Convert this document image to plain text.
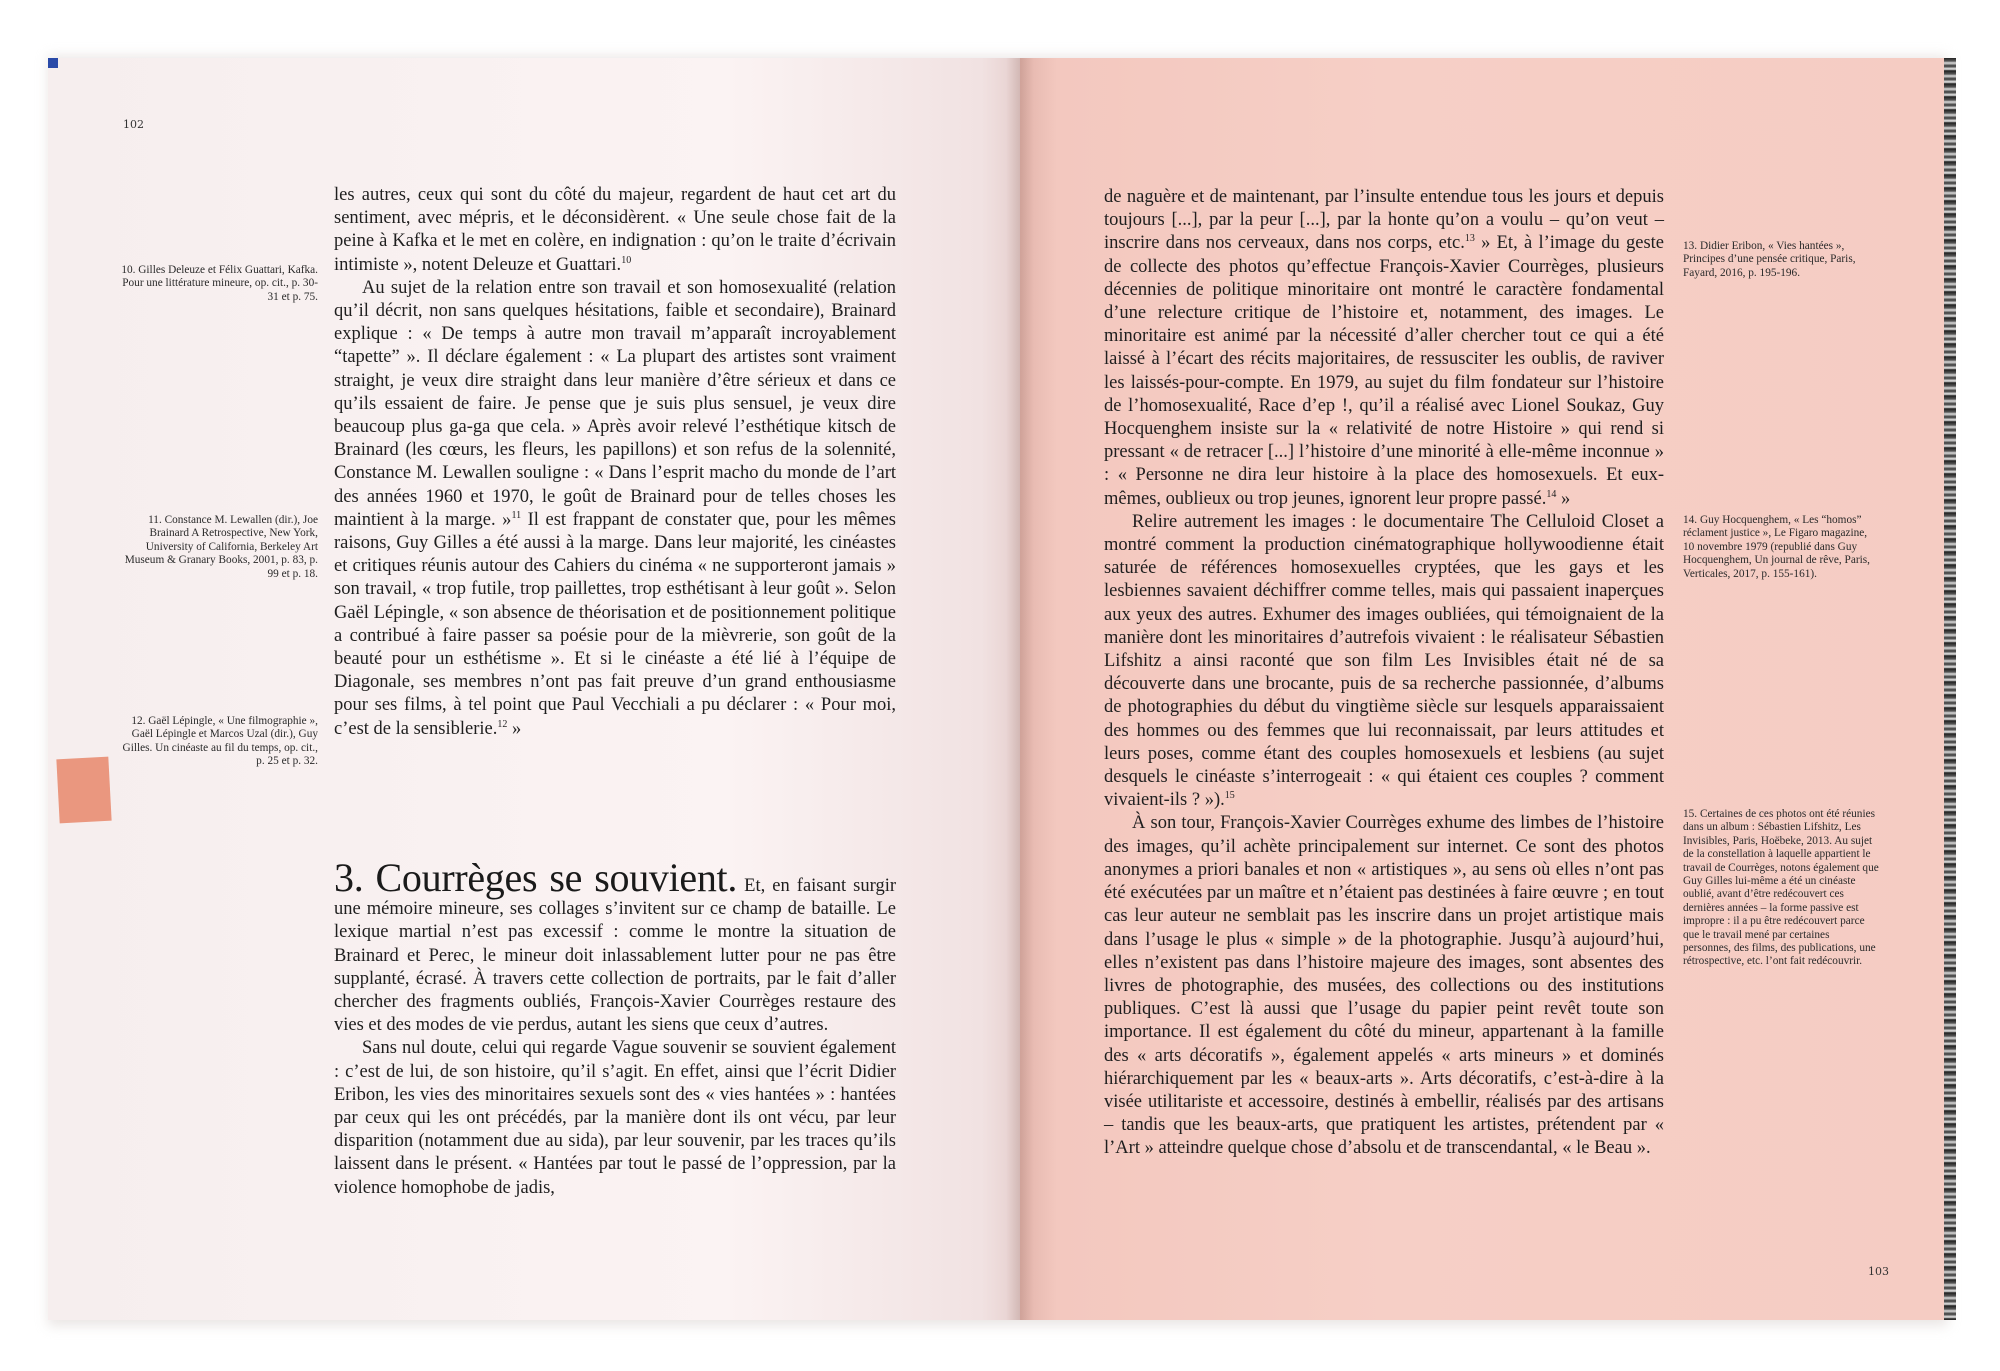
102
103
10. Gilles Deleuze et Félix Guattari, Kafka. Pour une littérature mineure, op. cit., p. 30-31 et p. 75.
11. Constance M. Lewallen (dir.), Joe Brainard A Retrospective, New York, University of California, Berkeley Art Museum & Granary Books, 2001, p. 83, p. 99 et p. 18.
12. Gaël Lépingle, « Une filmographie », Gaël Lépingle et Marcos Uzal (dir.), Guy Gilles. Un cinéaste au fil du temps, op. cit., p. 25 et p. 32.
13. Didier Eribon, « Vies hantées », Principes d’une pensée critique, Paris, Fayard, 2016, p. 195-196.
14. Guy Hocquenghem, « Les “homos” réclament justice », Le Figaro magazine, 10 novembre 1979 (republié dans Guy Hocquenghem, Un journal de rêve, Paris, Verticales, 2017, p. 155-161).
15. Certaines de ces photos ont été réunies dans un album : Sébastien Lifshitz, Les Invisibles, Paris, Hoëbeke, 2013. Au sujet de la constellation à laquelle appartient le travail de Courrèges, notons également que Guy Gilles lui-même a été un cinéaste oublié, avant d’être redécouvert ces dernières années – la forme passive est impropre : il a pu être redécouvert parce que le travail mené par certaines personnes, des films, des publications, une rétrospective, etc. l’ont fait redécouvrir.

les autres, ceux qui sont du côté du majeur, regardent de haut cet art du sentiment, avec mépris, et le déconsidèrent. « Une seule chose fait de la peine à Kafka et le met en colère, en indignation : qu’on le traite d’écrivain intimiste », notent Deleuze et Guattari.$^{10}$

Au sujet de la relation entre son travail et son homosexualité (relation qu’il décrit, non sans quelques hésitations, faible et secondaire), Brainard explique : « De temps à autre mon travail m’apparaît incroyablement “tapette” ». Il déclare également : « La plupart des artistes sont vraiment straight, je veux dire straight dans leur manière d’être sérieux et dans ce qu’ils essaient de faire. Je pense que je suis plus sensuel, je veux dire beaucoup plus ga-ga que cela. » Après avoir relevé l’esthétique kitsch de Brainard (les cœurs, les fleurs, les papillons) et son refus de la solennité, Constance M. Lewallen souligne : « Dans l’esprit macho du monde de l’art des années 1960 et 1970, le goût de Brainard pour de telles choses les maintient à la marge. »$^{11}$ Il est frappant de constater que, pour les mêmes raisons, Guy Gilles a été aussi à la marge. Dans leur majorité, les cinéastes et critiques réunis autour des Cahiers du cinéma « ne supporteront jamais » son travail, « trop futile, trop paillettes, trop esthétisant à leur goût ». Selon Gaël Lépingle, « son absence de théorisation et de positionnement politique a contribué à faire passer sa poésie pour de la mièvrerie, son goût de la beauté pour un esthétisme ». Et si le cinéaste a été lié à l’équipe de Diagonale, ses membres n’ont pas fait preuve d’un grand enthousiasme pour ses films, à tel point que Paul Vecchiali a pu déclarer : « Pour moi, c’est de la sensiblerie.$^{12}$ »

3. Courrèges se souvient. Et, en faisant surgir une mémoire mineure, ses collages s’invitent sur ce champ de bataille. Le lexique martial n’est pas excessif : comme le montre la situation de Brainard et Perec, le mineur doit inlassablement lutter pour ne pas être supplanté, écrasé. À travers cette collection de portraits, par le fait d’aller chercher des fragments oubliés, François-Xavier Courrèges restaure des vies et des modes de vie perdus, autant les siens que ceux d’autres.

Sans nul doute, celui qui regarde Vague souvenir se souvient également : c’est de lui, de son histoire, qu’il s’agit. En effet, ainsi que l’écrit Didier Eribon, les vies des minoritaires sexuels sont des « vies hantées » : hantées par ceux qui les ont précédés, par la manière dont ils ont vécu, par leur disparition (notamment due au sida), par leur souvenir, par les traces qu’ils laissent dans le présent. « Hantées par tout le passé de l’oppression, par la violence homophobe de jadis,

de naguère et de maintenant, par l’insulte entendue tous les jours et depuis toujours [...], par la peur [...], par la honte qu’on a voulu – qu’on veut – inscrire dans nos cerveaux, dans nos corps, etc.$^{13}$ » Et, à l’image du geste de collecte des photos qu’effectue François-Xavier Courrèges, plusieurs décennies de politique minoritaire ont montré le caractère fondamental d’une relecture critique de l’histoire et, notamment, des images. Le minoritaire est animé par la nécessité d’aller chercher tout ce qui a été laissé à l’écart des récits majoritaires, de ressusciter les oublis, de raviver les laissés-pour-compte. En 1979, au sujet du film fondateur sur l’histoire de l’homosexualité, Race d’ep !, qu’il a réalisé avec Lionel Soukaz, Guy Hocquenghem insiste sur la « relativité de notre Histoire » qui rend si pressant « de retracer [...] l’histoire d’une minorité à elle-même inconnue » : « Personne ne dira leur histoire à la place des homosexuels. Et eux-mêmes, oublieux ou trop jeunes, ignorent leur propre passé.$^{14}$ »

Relire autrement les images : le documentaire The Celluloid Closet a montré comment la production cinématographique hollywoodienne était saturée de références homosexuelles cryptées, que les gays et les lesbiennes savaient déchiffrer comme telles, mais qui passaient inaperçues aux yeux des autres. Exhumer des images oubliées, qui témoignaient de la manière dont les minoritaires d’autrefois vivaient : le réalisateur Sébastien Lifshitz a ainsi raconté que son film Les Invisibles était né de sa découverte dans une brocante, puis de sa recherche passionnée, d’albums de photographies du début du vingtième siècle sur lesquels apparaissaient des hommes ou des femmes que lui reconnaissait, par leurs attitudes et leurs poses, comme étant des couples homosexuels et lesbiens (au sujet desquels le cinéaste s’interrogeait : « qui étaient ces couples ? comment vivaient-ils ? »).$^{15}$

À son tour, François-Xavier Courrèges exhume des limbes de l’histoire des images, qu’il achète principalement sur internet. Ce sont des photos anonymes a priori banales et non « artistiques », au sens où elles n’ont pas été exécutées par un maître et n’étaient pas destinées à faire œuvre ; en tout cas leur auteur ne semblait pas les inscrire dans un projet artistique mais dans l’usage le plus « simple » de la photographie. Jusqu’à aujourd’hui, elles n’existent pas dans l’histoire majeure des images, sont absentes des livres de photographie, des musées, des collections ou des institutions publiques. C’est là aussi que l’usage du papier peint revêt toute son importance. Il est également du côté du mineur, appartenant à la famille des « arts décoratifs », également appelés « arts mineurs » et dominés hiérarchiquement par les « beaux-arts ». Arts décoratifs, c’est-à-dire à la visée utilitariste et accessoire, destinés à embellir, réalisés par des artisans – tandis que les beaux-arts, que pratiquent les artistes, prétendent par « l’Art » atteindre quelque chose d’absolu et de transcendantal, « le Beau ».
